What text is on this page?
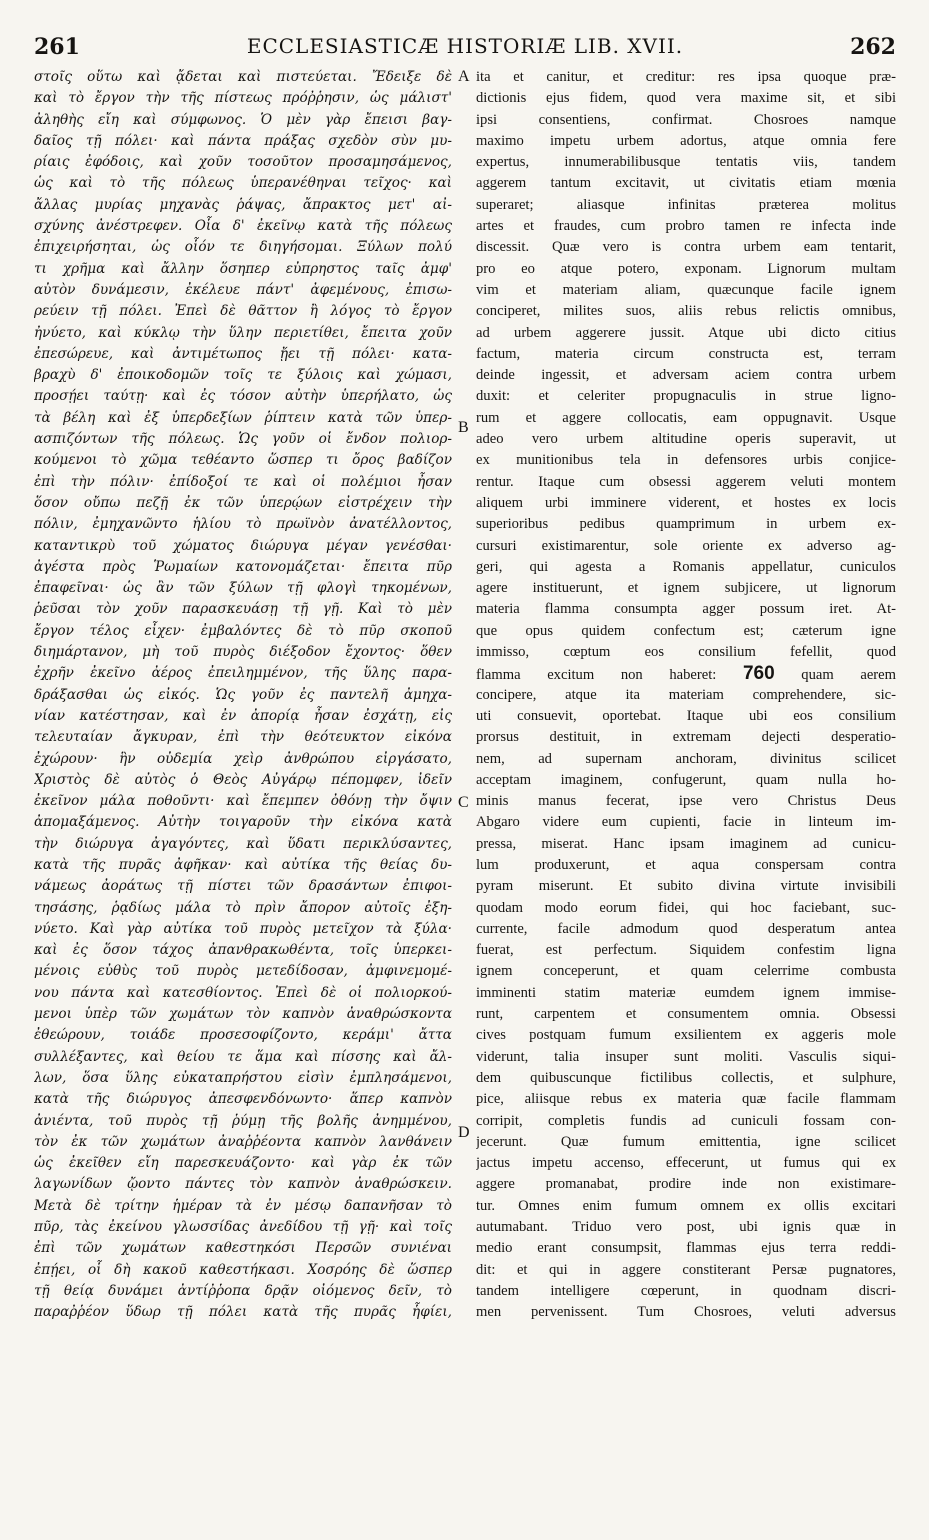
261	ECCLESIASTICÆ HISTORIÆ LIB. XVII.	262
στοῖς οὕτω καὶ ᾄδεται καὶ πιστεύεται. Ἔδειξε δὲ
καὶ τὸ ἔργον τὴν τῆς πίστεως πρόῤῥησιν, ὡς μάλιστ'
ἀληθὴς εἴη καὶ σύμφωνος. Ὁ μὲν γὰρ ἔπεισι βαγ-
δαῖος τῇ πόλει· καὶ πάντα πράξας σχεδὸν σὺν μυ-
ρίαις ἐφόδοις, καὶ χοῦν τοσοῦτον προσαμησάμενος,
ὡς καὶ τὸ τῆς πόλεως ὑπερανέθηναι τεῖχος· καὶ
ἄλλας μυρίας μηχανὰς ῥάψας, ἄπρακτος μετ' αἰ-
σχύνης ἀνέστρεφεν. Οἷα δ' ἐκεῖνῳ κατὰ τῆς πόλεως
ἐπιχειρήσηται, ὡς οἷόν τε διηγήσομαι. Ξύλων πολύ
τι χρῆμα καὶ ἄλλην ὅσηπερ εὐπρηστος ταῖς ἀμφ'
αὐτὸν δυνάμεσιν, ἐκέλευε πάντ' ἀφεμένους, ἐπισω-
ρεύειν τῇ πόλει. Ἐπεὶ δὲ θᾶττον ἢ λόγος τὸ ἔργον
ἠνύετο, καὶ κύκλῳ τὴν ὕλην περιετίθει, ἔπειτα χοῦν
ἐπεσώρευε, καὶ ἀντιμέτωπος ᾔει τῇ πόλει· κατα-
βραχὺ δ' ἐποικοδομῶν τοῖς τε ξύλοις καὶ χώμασι,
προσῄει ταύτῃ· καὶ ἐς τόσον αὐτὴν ὑπερήλατο, ὡς
τὰ βέλη καὶ ἐξ ὑπερδεξίων ῥίπτειν κατὰ τῶν ὑπερ-
ασπιζόντων τῆς πόλεως. Ὡς γοῦν οἱ ἔνδον πολιορ-
κούμενοι τὸ χῶμα τεθέαντο ὥσπερ τι ὄρος βαδίζον
ἐπὶ τὴν πόλιν· ἐπίδοξοί τε καὶ οἱ πολέμιοι ἦσαν
ὅσον οὔπω πεζῇ ἐκ τῶν ὑπερῴων εἰστρέχειν τὴν
πόλιν, ἐμηχανῶντο ἡλίου τὸ πρωϊνὸν ἀνατέλλοντος,
καταντικρὺ τοῦ χώματος διώρυγα μέγαν γενέσθαι·
ἀγέστα πρὸς Ῥωμαίων κατονομάζεται· ἔπειτα πῦρ
ἐπαφεῖναι· ὡς ἂν τῶν ξύλων τῇ φλογὶ τηκομένων,
ῥεῦσαι τὸν χοῦν παρασκευάσῃ τῇ γῇ. Καὶ τὸ μὲν
ἔργον τέλος εἶχεν· ἐμβαλόντες δὲ τὸ πῦρ σκοποῦ
διημάρτανον, μὴ τοῦ πυρὸς διέξοδον ἔχοντος· ὅθεν
ἐχρῆν ἐκεῖνο ἀέρος ἐπειλημμένον, τῆς ὕλης παρα-
δράξασθαι ὡς εἰκός. Ὡς γοῦν ἐς παντελῆ ἀμηχα-
νίαν κατέστησαν, καὶ ἐν ἀπορίᾳ ἦσαν ἐσχάτῃ, εἰς
τελευταίαν ἄγκυραν, ἐπὶ τὴν θεότευκτον εἰκόνα
ἐχώρουν· ἣν οὐδεμία χεὶρ ἀνθρώπου εἰργάσατο,
Χριστὸς δὲ αὐτὸς ὁ Θεὸς Αὐγάρῳ πέπομφεν, ἰδεῖν
ἐκεῖνον μάλα ποθοῦντι· καὶ ἔπεμπεν ὀθόνῃ τὴν ὄψιν
ἀπομαξάμενος. Αὐτὴν τοιγαροῦν τὴν εἰκόνα κατὰ
τὴν διώρυγα ἀγαγόντες, καὶ ὕδατι περικλύσαντες,
κατὰ τῆς πυρᾶς ἀφῆκαν· καὶ αὐτίκα τῆς θείας δυ-
νάμεως ἀοράτως τῇ πίστει τῶν δρασάντων ἐπιφοι-
τησάσης, ῥᾳδίως μάλα τὸ πρὶν ἄπορον αὐτοῖς ἐξη-
νύετο. Καὶ γὰρ αὐτίκα τοῦ πυρὸς μετεῖχον τὰ ξύλα·
καὶ ἐς ὅσον τάχος ἀπανθρακωθέντα, τοῖς ὑπερκει-
μένοις εὐθὺς τοῦ πυρὸς μετεδίδοσαν, ἀμφινεμομέ-
νου πάντα καὶ κατεσθίοντος. Ἐπεὶ δὲ οἱ πολιορκού-
μενοι ὑπὲρ τῶν χωμάτων τὸν καπνὸν ἀναθρώσκοντα
ἐθεώρουν, τοιάδε προσεσοφίζοντο, κεράμι' ἄττα
συλλέξαντες, καὶ θείου τε ἅμα καὶ πίσσης καὶ ἄλ-
λων, ὅσα ὕλης εὐκαταπρήστου εἰσὶν ἐμπλησάμενοι,
κατὰ τῆς διώρυγος ἀπεσφενδόνωντο· ἅπερ καπνὸν
ἀνιέντα, τοῦ πυρὸς τῇ ῥύμῃ τῆς βολῆς ἀνημμένου,
τὸν ἐκ τῶν χωμάτων ἀναῤῥέοντα καπνὸν λανθάνειν
ὡς ἐκεῖθεν εἴη παρεσκευάζοντο· καὶ γὰρ ἐκ τῶν
λαγωνίδων ᾤοντο πάντες τὸν καπνὸν ἀναθρώσκειν.
Μετὰ δὲ τρίτην ἡμέραν τὰ ἐν μέσῳ δαπανῆσαν τὸ
πῦρ, τὰς ἐκείνου γλωσσίδας ἀνεδίδου τῇ γῇ· καὶ τοῖς
ἐπὶ τῶν χωμάτων καθεστηκόσι Περσῶν συνιέναι
ἐπῄει, οἷ δὴ κακοῦ καθεστήκασι. Χοσρόης δὲ ὥσπερ
τῇ θείᾳ δυνάμει ἀντίῤῥοπα δρᾷν οἰόμενος δεῖν, τὸ
παραῤῥέον ὕδωρ τῇ πόλει κατὰ τῆς πυρᾶς ἧφίει,
ita et canitur, et creditur: res ipsa quoque præ-
dictionis ejus fidem, quod vera maxime sit, et sibi
ipsi consentiens, confirmat. Chosroes namque
maximo impetu urbem adortus, atque omnia fere
expertus, innumerabilibusque tentatis viis, tandem
aggerem tantum excitavit, ut civitatis etiam mœnia
superaret; aliasque infinitas præterea molitus
artes et fraudes, cum probro tamen re infecta inde
discessit. Quæ vero is contra urbem eam tentarit,
pro eo atque potero, exponam. Lignorum multam
vim et materiam aliam, quæcunque facile ignem
conciperet, milites suos, aliis rebus relictis omnibus,
ad urbem aggerere jussit. Atque ubi dicto citius
factum, materia circum constructa est, terram
deinde ingessit, et adversam aciem contra urbem
duxit: et celeriter propugnaculis in strue ligno-
rum et aggere collocatis, eam oppugnavit. Usque
adeo vero urbem altitudine operis superavit, ut
ex munitionibus tela in defensores urbis conjice-
rentur. Itaque cum obsessi aggerem veluti montem
aliquem urbi imminere viderent, et hostes ex locis
superioribus pedibus quamprimum in urbem ex-
cursuri existimarentur, sole oriente ex adverso ag-
geri, qui agesta a Romanis appellatur, cuniculos
agere instituerunt, et ignem subjicere, ut lignorum
materia flamma consumpta agger possum iret. At-
que opus quidem confectum est; cæterum igne
immisso, cœptum eos consilium fefellit, quod
flamma excitum non haberet: 760 quam aerem
concipere, atque ita materiam comprehendere, sic-
uti consuevit, oportebat. Itaque ubi eos consilium
prorsus destituit, in extremam dejecti desperatio-
nem, ad supernam anchoram, divinitus scilicet
acceptam imaginem, confugerunt, quam nulla ho-
minis manus fecerat, ipse vero Christus Deus
Abgaro videre eum cupienti, facie in linteum im-
pressa, miserat. Hanc ipsam imaginem ad cunicu-
lum produxerunt, et aqua conspersam contra
pyram miserunt. Et subito divina virtute invisibili
quodam modo eorum fidei, qui hoc faciebant, suc-
currente, facile admodum quod desperatum antea
fuerat, est perfectum. Siquidem confestim ligna
ignem conceperunt, et quam celerrime combusta
imminenti statim materiæ eumdem ignem immise-
runt, carpentem et consumentem omnia. Obsessi
cives postquam fumum exsilientem ex aggeris mole
viderunt, talia insuper sunt moliti. Vasculis siqui-
dem quibuscunque fictilibus collectis, et sulphure,
pice, aliisque rebus ex materia quæ facile flammam
corripit, completis fundis ad cuniculi fossam con-
jecerunt. Quæ fumum emittentia, igne scilicet
jactus impetu accenso, effecerunt, ut fumus qui ex
aggere promanabat, prodire inde non existimare-
tur. Omnes enim fumum omnem ex ollis excitari
autumabant. Triduo vero post, ubi ignis quæ in
medio erant consumpsit, flammas ejus terra reddi-
dit: et qui in aggere constiterant Persæ pugnatores,
tandem intelligere cœperunt, in quodnam discri-
men pervenissent. Tum Chosroes, veluti adversus
A
B
C
D
